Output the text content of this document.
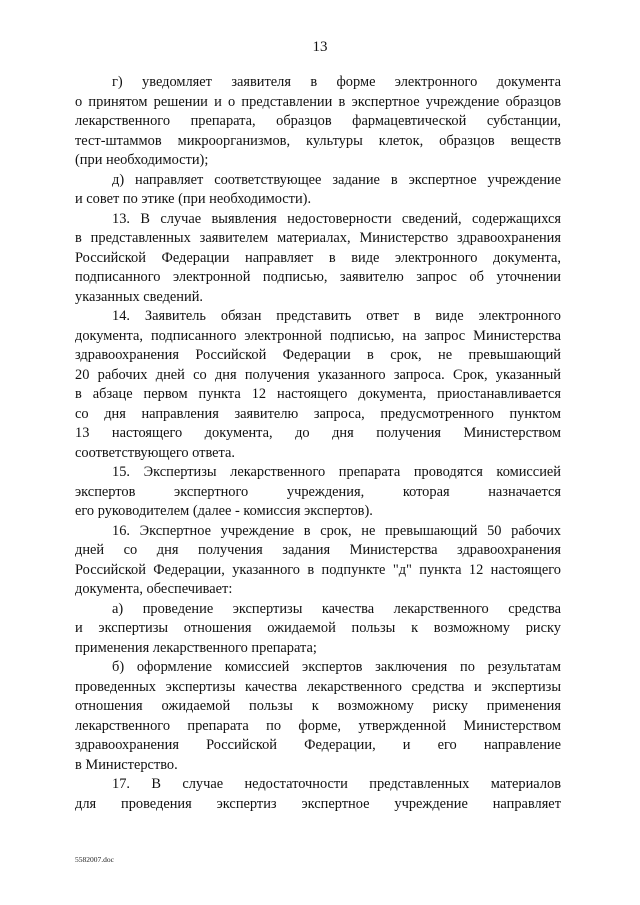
13
г) уведомляет заявителя в форме электронного документа
о принятом решении и о представлении в экспертное учреждение образцов
лекарственного препарата, образцов фармацевтической субстанции,
тест-штаммов микроорганизмов, культуры клеток, образцов веществ
(при необходимости);
д) направляет соответствующее задание в экспертное учреждение
и совет по этике (при необходимости).
13. В случае выявления недостоверности сведений, содержащихся
в представленных заявителем материалах, Министерство здравоохранения
Российской Федерации направляет в виде электронного документа,
подписанного электронной подписью, заявителю запрос об уточнении
указанных сведений.
14. Заявитель обязан представить ответ в виде электронного
документа, подписанного электронной подписью, на запрос Министерства
здравоохранения Российской Федерации в срок, не превышающий
20 рабочих дней со дня получения указанного запроса. Срок, указанный
в абзаце первом пункта 12 настоящего документа, приостанавливается
со дня направления заявителю запроса, предусмотренного пунктом
13 настоящего документа, до дня получения Министерством
соответствующего ответа.
15. Экспертизы лекарственного препарата проводятся комиссией
экспертов экспертного учреждения, которая назначается
его руководителем (далее - комиссия экспертов).
16. Экспертное учреждение в срок, не превышающий 50 рабочих
дней со дня получения задания Министерства здравоохранения
Российской Федерации, указанного в подпункте "д" пункта 12 настоящего
документа, обеспечивает:
а) проведение экспертизы качества лекарственного средства
и экспертизы отношения ожидаемой пользы к возможному риску
применения лекарственного препарата;
б) оформление комиссией экспертов заключения по результатам
проведенных экспертизы качества лекарственного средства и экспертизы
отношения ожидаемой пользы к возможному риску применения
лекарственного препарата по форме, утвержденной Министерством
здравоохранения Российской Федерации, и его направление
в Министерство.
17. В случае недостаточности представленных материалов
для проведения экспертиз экспертное учреждение направляет
5582007.doc
